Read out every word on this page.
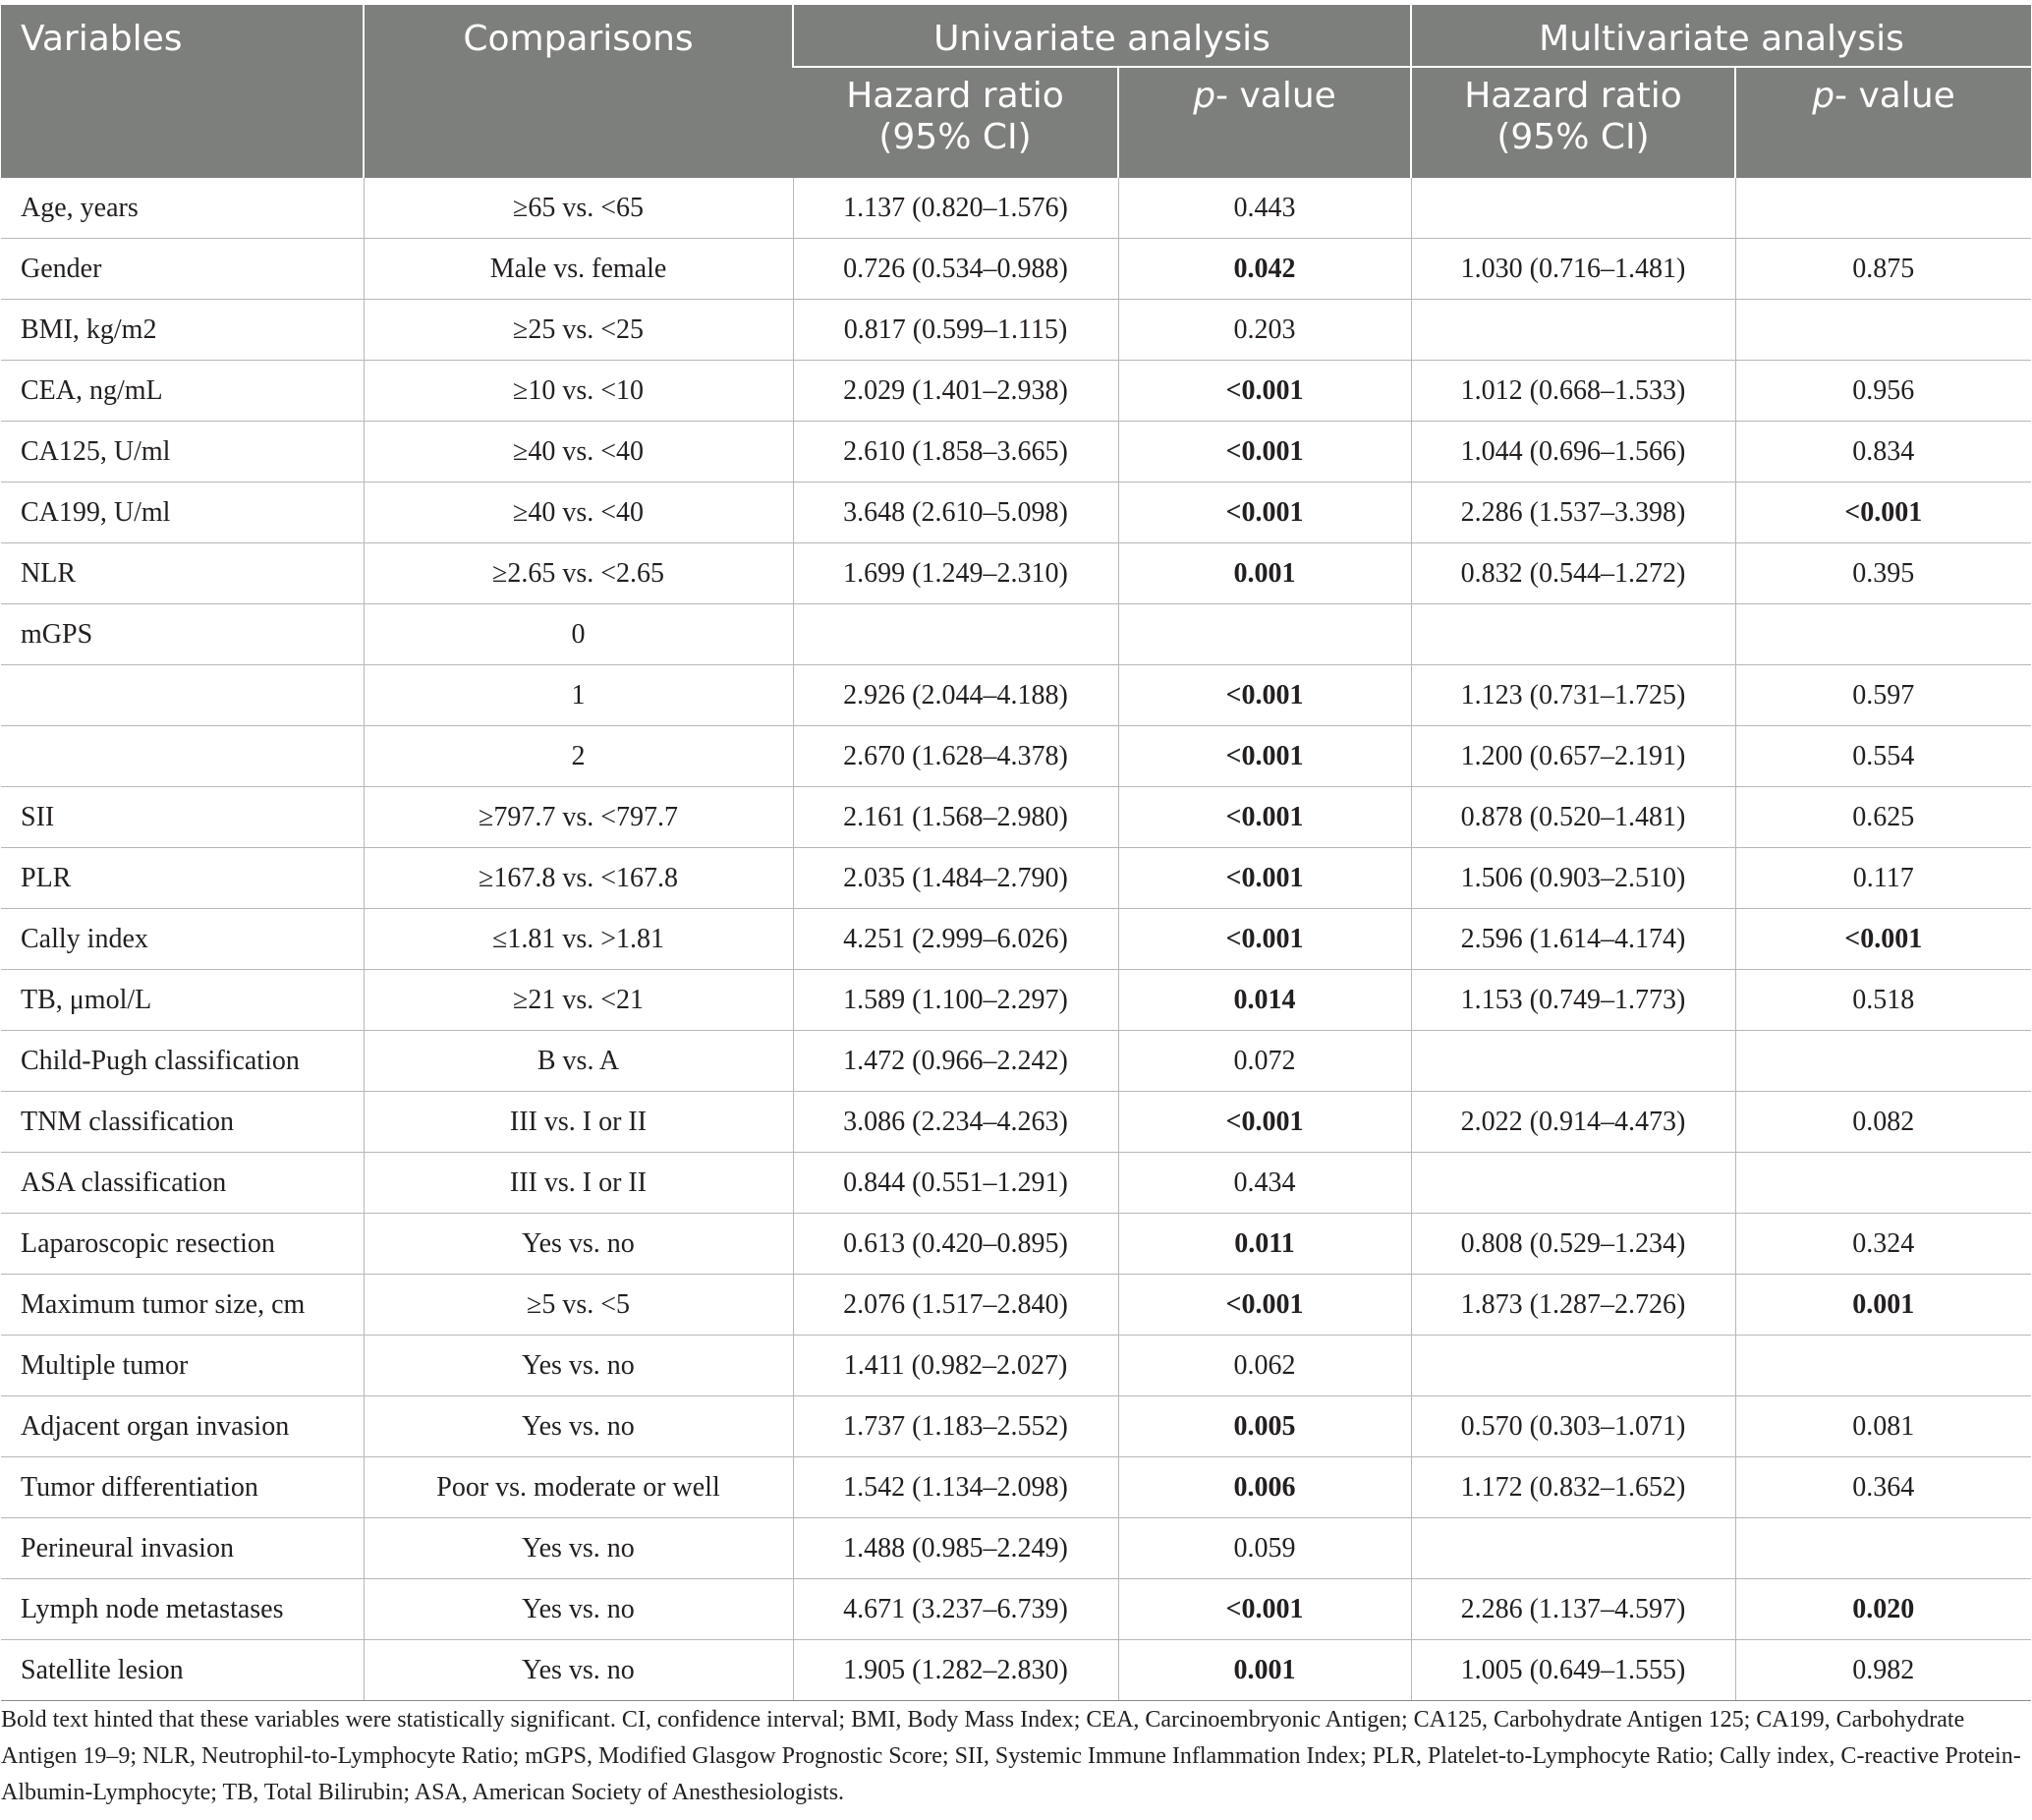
Variables	Comparisons	Univariate analysis		Multivariate analysis	
		Hazard ratio
(95% CI)	p- value	Hazard ratio
(95% CI)	p- value
Age, years	≥65 vs. <65	1.137 (0.820–1.576)	0.443		
Gender	Male vs. female	0.726 (0.534–0.988)	0.042	1.030 (0.716–1.481)	0.875
BMI, kg/m2	≥25 vs. <25	0.817 (0.599–1.115)	0.203		
CEA, ng/mL	≥10 vs. <10	2.029 (1.401–2.938)	<0.001	1.012 (0.668–1.533)	0.956
CA125, U/ml	≥40 vs. <40	2.610 (1.858–3.665)	<0.001	1.044 (0.696–1.566)	0.834
CA199, U/ml	≥40 vs. <40	3.648 (2.610–5.098)	<0.001	2.286 (1.537–3.398)	<0.001
NLR	≥2.65 vs. <2.65	1.699 (1.249–2.310)	0.001	0.832 (0.544–1.272)	0.395
mGPS	0				
	1	2.926 (2.044–4.188)	<0.001	1.123 (0.731–1.725)	0.597
	2	2.670 (1.628–4.378)	<0.001	1.200 (0.657–2.191)	0.554
SII	≥797.7 vs. <797.7	2.161 (1.568–2.980)	<0.001	0.878 (0.520–1.481)	0.625
PLR	≥167.8 vs. <167.8	2.035 (1.484–2.790)	<0.001	1.506 (0.903–2.510)	0.117
Cally index	≤1.81 vs. >1.81	4.251 (2.999–6.026)	<0.001	2.596 (1.614–4.174)	<0.001
TB, μmol/L	≥21 vs. <21	1.589 (1.100–2.297)	0.014	1.153 (0.749–1.773)	0.518
Child-Pugh classification	B vs. A	1.472 (0.966–2.242)	0.072		
TNM classification	III vs. I or II	3.086 (2.234–4.263)	<0.001	2.022 (0.914–4.473)	0.082
ASA classification	III vs. I or II	0.844 (0.551–1.291)	0.434		
Laparoscopic resection	Yes vs. no	0.613 (0.420–0.895)	0.011	0.808 (0.529–1.234)	0.324
Maximum tumor size, cm	≥5 vs. <5	2.076 (1.517–2.840)	<0.001	1.873 (1.287–2.726)	0.001
Multiple tumor	Yes vs. no	1.411 (0.982–2.027)	0.062		
Adjacent organ invasion	Yes vs. no	1.737 (1.183–2.552)	0.005	0.570 (0.303–1.071)	0.081
Tumor differentiation	Poor vs. moderate or well	1.542 (1.134–2.098)	0.006	1.172 (0.832–1.652)	0.364
Perineural invasion	Yes vs. no	1.488 (0.985–2.249)	0.059		
Lymph node metastases	Yes vs. no	4.671 (3.237–6.739)	<0.001	2.286 (1.137–4.597)	0.020
Satellite lesion	Yes vs. no	1.905 (1.282–2.830)	0.001	1.005 (0.649–1.555)	0.982

Bold text hinted that these variables were statistically significant. CI, confidence interval; BMI, Body Mass Index; CEA, Carcinoembryonic Antigen; CA125, Carbohydrate Antigen 125; CA199, Carbohydrate Antigen 19–9; NLR, Neutrophil-to-Lymphocyte Ratio; mGPS, Modified Glasgow Prognostic Score; SII, Systemic Immune Inflammation Index; PLR, Platelet-to-Lymphocyte Ratio; Cally index, C-reactive Protein-Albumin-Lymphocyte; TB, Total Bilirubin; ASA, American Society of Anesthesiologists.
